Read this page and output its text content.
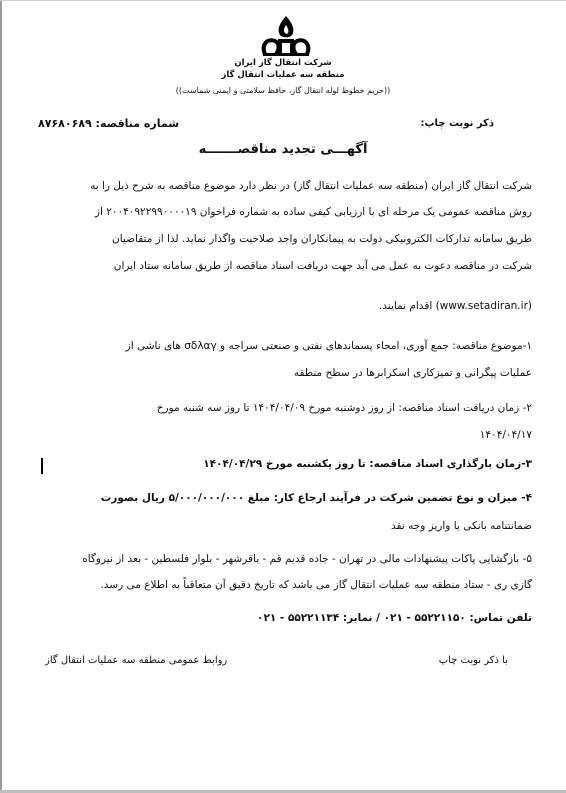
شرکت انتقال گاز ایران
منطقه سه عملیات انتقال گاز
((حریم خطوط لوله انتقال گاز، حافظ سلامتی و ایمنی شماست))
ذکر نوبت چاپ:
شماره مناقصه: ۸۷۶۸۰۶۸۹
آگهـــی تجدید مناقصـــــــه
شرکت انتقال گاز ایران (منطقه سه عملیات انتقال گاز) در نظر دارد موضوع مناقصه به شرح ذیل را به
روش مناقصه عمومی یک مرحله ای با ارزیابی کیفی ساده به شماره فراخوان ۲۰۰۴۰۹۲۲۹۹۰۰۰۰۱۹ از
طریق سامانه تدارکات الکترونیکی دولت به پیمانکاران واجد صلاحیت واگذار نماید. لذا از متقاضیان
شرکت در مناقصه دعوت به عمل می آید جهت دریافت اسناد مناقصه از طریق سامانه ستاد ایران
(www.setadiran.ir) اقدام نمایند.
۱-موضوع مناقصه: جمع آوری، امحاء پسماندهای نفتی و صنعتی سراجه و σδλαγ های ناشی از
عملیات پیگرانی و تمیزکاری اسکرابرها در سطح منطقه
۲- زمان دریافت اسناد مناقصه: از روز دوشنبه مورخ ۱۴۰۴/۰۴/۰۹ تا روز سه شنبه مورخ
۱۴۰۴/۰۴/۱۷
۳-زمان بارگذاری اسناد مناقصه: تا روز یکشنبه مورخ ۱۴۰۴/۰۴/۲۹
۴- میزان و نوع تضمین شرکت در فرآیند ارجاع کار: مبلغ ۵/۰۰۰/۰۰۰/۰۰۰ ریال بصورت
ضمانتنامه بانکی یا واریز وجه نقد
۵- بازگشایی پاکات پیشنهادات مالی در تهران - جاده قدیم قم - باقرشهر - بلوار فلسطین - بعد از نیروگاه
گازی ری - ستاد منطقه سه عملیات انتقال گاز می باشد که تاریخ دقیق آن متعاقباً به اطلاع می رسد.
تلفن تماس: ۵۵۲۲۱۱۵۰ - ۰۲۱ / نمابر: ۵۵۲۲۱۱۳۴ - ۰۲۱
با ذکر نوبت چاپ
روابط عمومی منطقه سه عملیات انتقال گاز
